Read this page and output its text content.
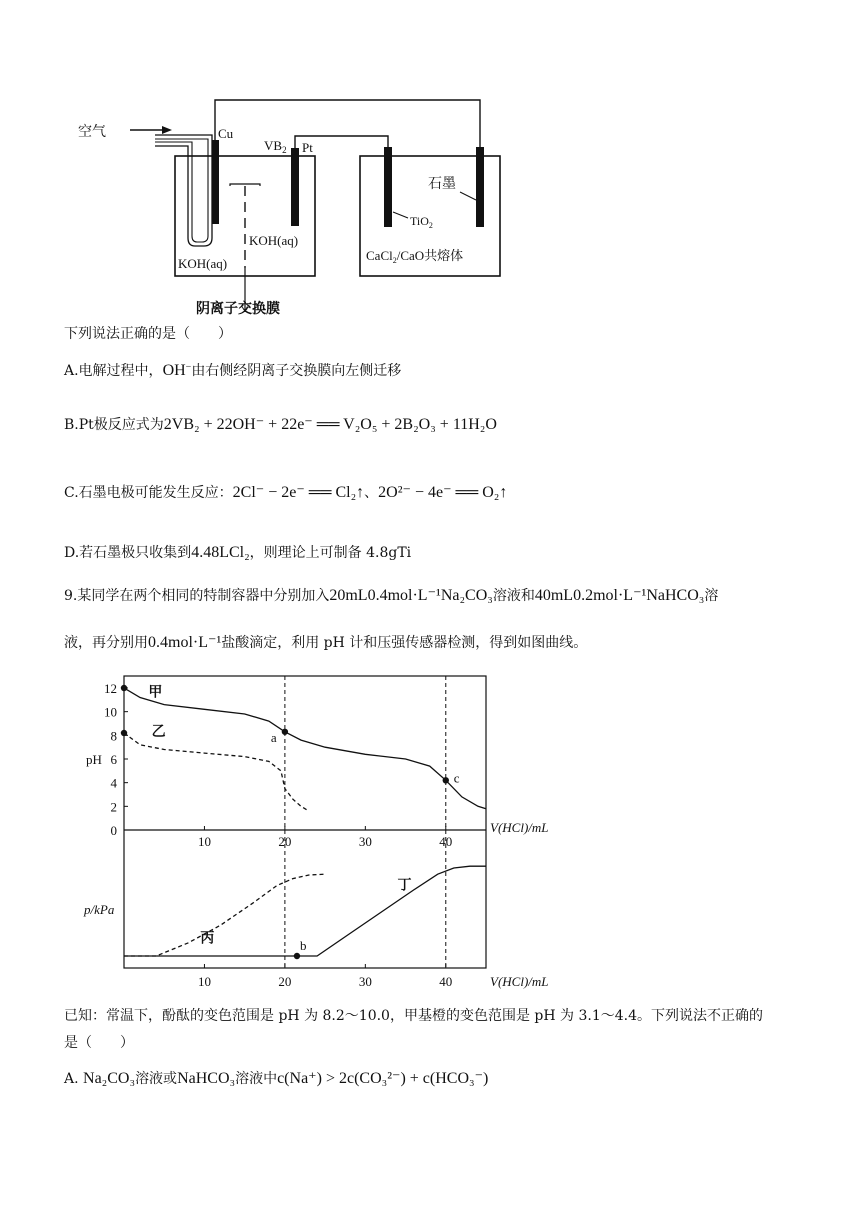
空气	Cu
$VB_2$ Pt
KOH(aq)
KOH(aq)
石墨
TiO$_2$
CaCl$_2$/CaO共熔体
阴离子交换膜
下列说法正确的是（　　）
A.电解过程中，OH−由右侧经阴离子交换膜向左侧迁移
B.Pt极反应式为2VB₂ + 22OH⁻ + 22e⁻ ══ V₂O₅ + 2B₂O₃ + 11H₂O
C.石墨电极可能发生反应：2Cl⁻ − 2e⁻ ══ Cl₂↑、2O²⁻ − 4e⁻ ══ O₂↑
D.若石墨极只收集到4.48LCl₂，则理论上可制备 4.8gTi
9.某同学在两个相同的特制容器中分别加入20mL0.4mol·L⁻¹Na₂CO₃溶液和40mL0.2mol·L⁻¹NaHCO₃溶
液，再分别用0.4mol·L⁻¹盐酸滴定，利用 pH 计和压强传感器检测，得到如图曲线。
0
2
4
6
8
10
12
10	20	30	40
pH
V(HCl)/mL
甲
乙	a
c
10	20	30	40
p/kPa
V(HCl)/mL
丙
丁
b
已知：常温下，酚酞的变色范围是 pH 为 8.2～10.0，甲基橙的变色范围是 pH 为 3.1～4.4。下列说法不正确的
是（　　）
A. Na₂CO₃溶液或NaHCO₃溶液中c(Na⁺) > 2c(CO₃²⁻) + c(HCO₃⁻)
